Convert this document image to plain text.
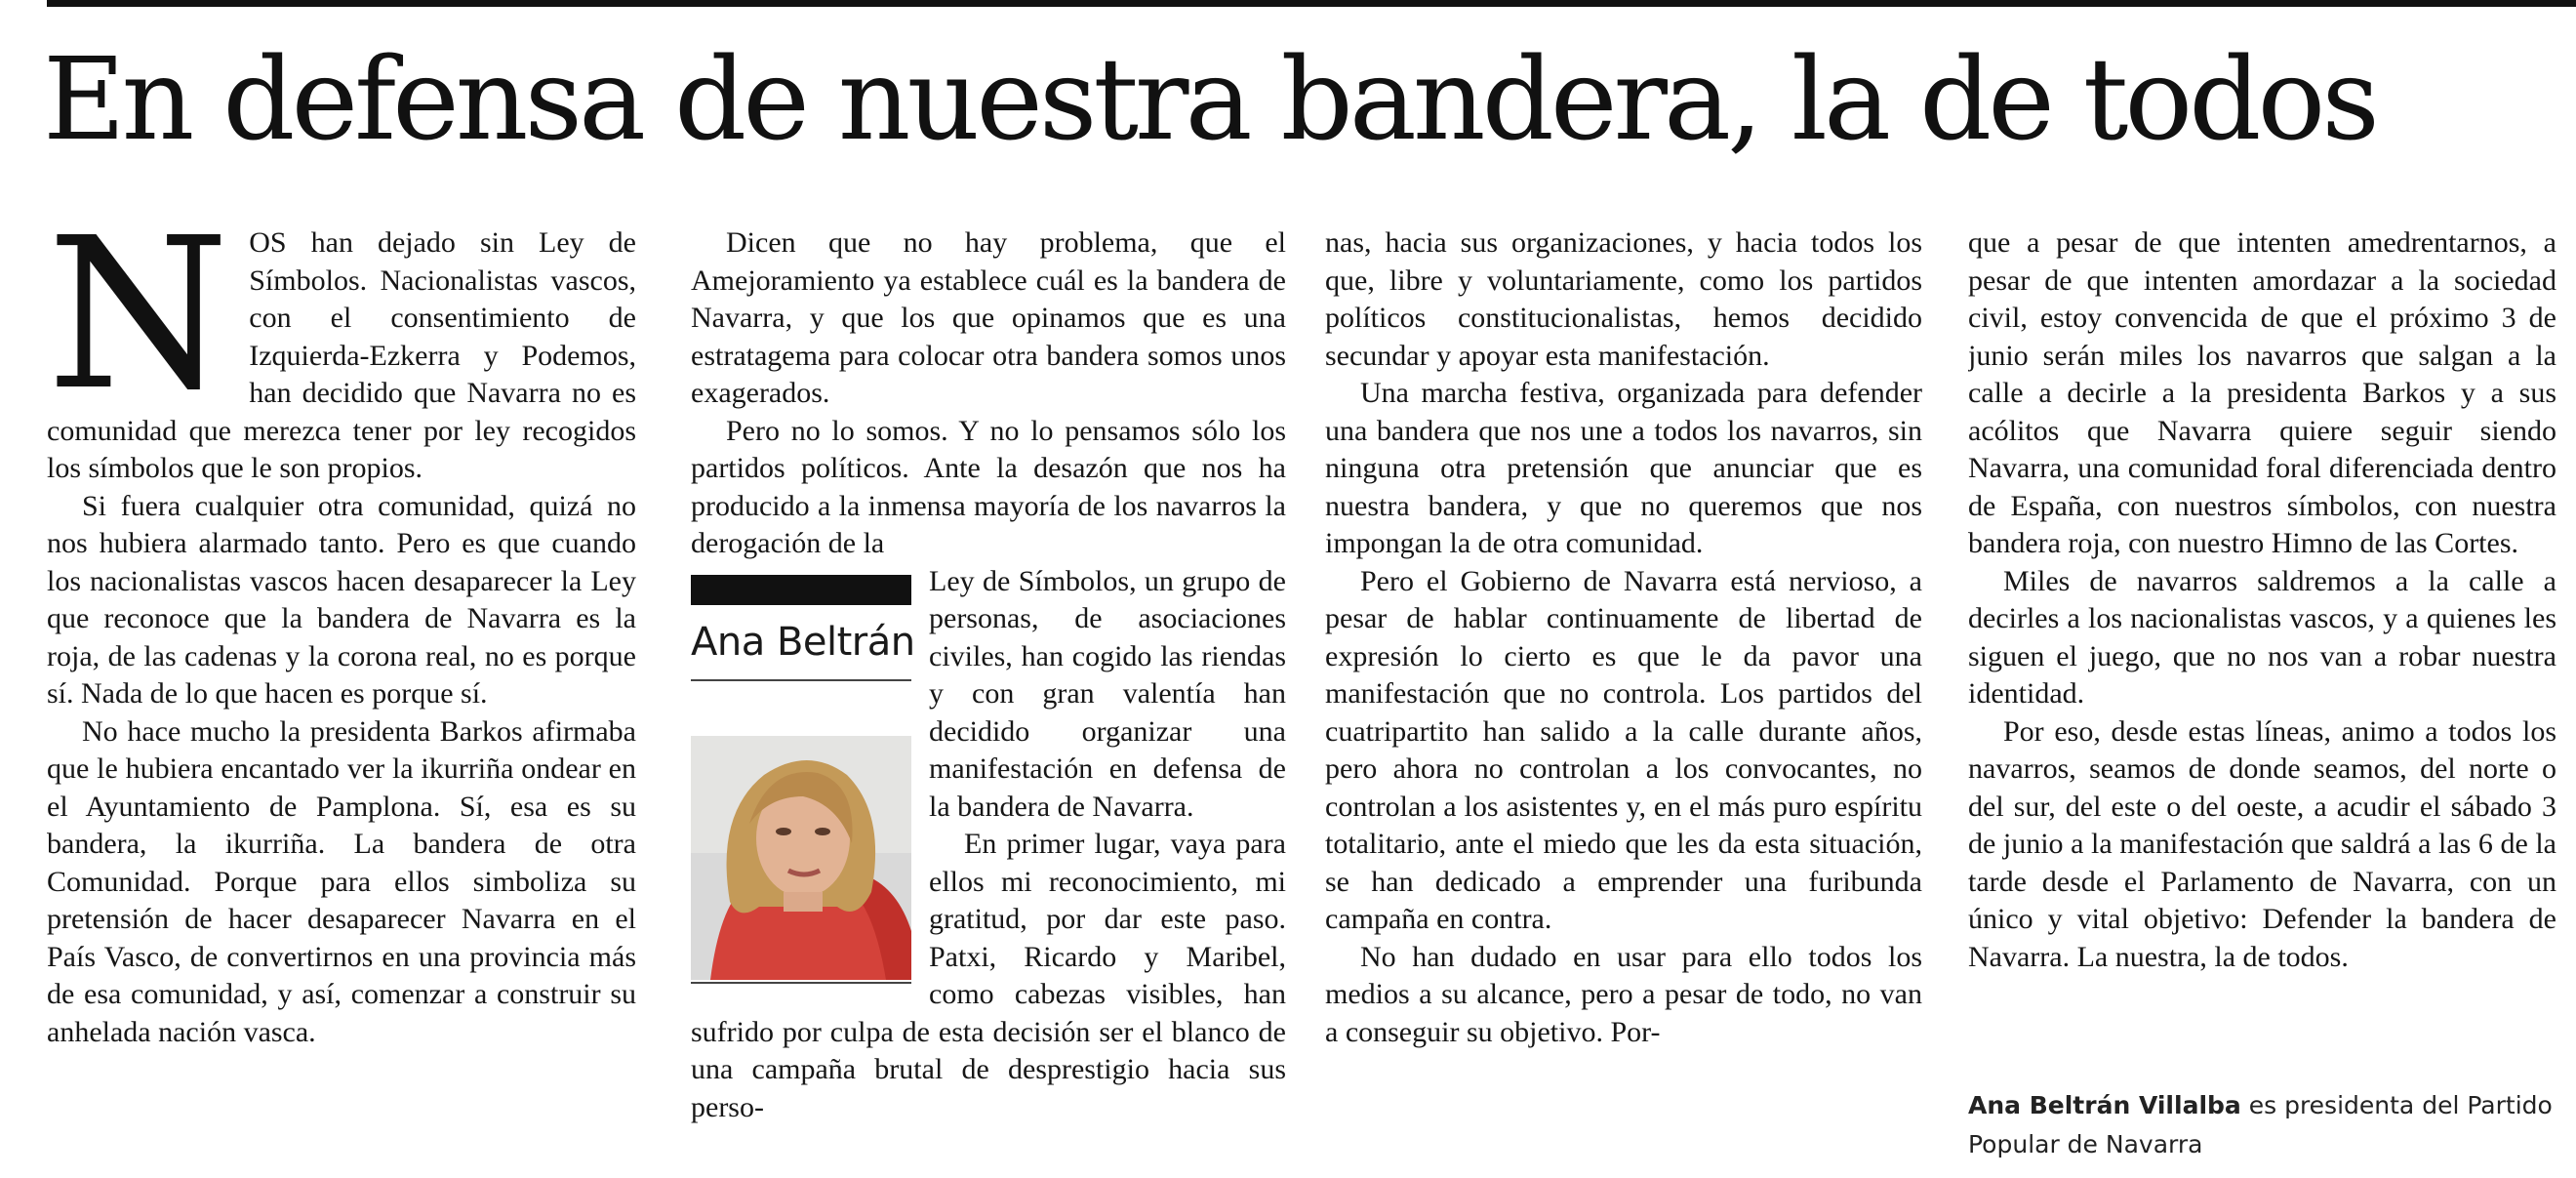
En defensa de nuestra bandera, la de todos
N OS han dejado sin Ley de Símbolos. Nacionalistas vascos, con el consentimiento de Izquierda-Ezkerra y Podemos, han decidido que Navarra no es comunidad que merezca tener por ley recogidos los símbolos que le son propios.

Si fuera cualquier otra comunidad, quizá no nos hubiera alarmado tanto. Pero es que cuando los nacionalistas vascos hacen desaparecer la Ley que reconoce que la bandera de Navarra es la roja, de las cadenas y la corona real, no es porque sí. Nada de lo que hacen es porque sí.

No hace mucho la presidenta Barkos afirmaba que le hubiera encantado ver la ikurriña ondear en el Ayuntamiento de Pamplona. Sí, esa es su bandera, la ikurriña. La bandera de otra Comunidad. Porque para ellos simboliza su pretensión de hacer desaparecer Navarra en el País Vasco, de convertirnos en una provincia más de esa comunidad, y así, comenzar a construir su anhelada nación vasca.

Dicen que no hay problema, que el Amejoramiento ya establece cuál es la bandera de Navarra, y que los que opinamos que es una estratagema para colocar otra bandera somos unos exagerados.

Pero no lo somos. Y no lo pensamos sólo los partidos políticos. Ante la desazón que nos ha producido a la inmensa mayoría de los navarros la derogación de la

Ana Beltrán

Ley de Símbolos, un grupo de personas, de asociaciones civiles, han cogido las riendas y con gran valentía han decidido organizar una manifestación en defensa de la bandera de Navarra.

En primer lugar, vaya para ellos mi reconocimiento, mi gratitud, por dar este paso. Patxi, Ricardo y Maribel, como cabezas visibles, han sufrido por culpa de esta decisión ser el blanco de una campaña brutal de desprestigio hacia sus perso-

nas, hacia sus organizaciones, y hacia todos los que, libre y voluntariamente, como los partidos políticos constitucionalistas, hemos decidido secundar y apoyar esta manifestación.

Una marcha festiva, organizada para defender una bandera que nos une a todos los navarros, sin ninguna otra pretensión que anunciar que es nuestra bandera, y que no queremos que nos impongan la de otra comunidad.

Pero el Gobierno de Navarra está nervioso, a pesar de hablar continuamente de libertad de expresión lo cierto es que le da pavor una manifestación que no controla. Los partidos del cuatripartito han salido a la calle durante años, pero ahora no controlan a los convocantes, no controlan a los asistentes y, en el más puro espíritu totalitario, ante el miedo que les da esta situación, se han dedicado a emprender una furibunda campaña en contra.

No han dudado en usar para ello todos los medios a su alcance, pero a pesar de todo, no van a conseguir su objetivo. Por-

que a pesar de que intenten amedrentarnos, a pesar de que intenten amordazar a la sociedad civil, estoy convencida de que el próximo 3 de junio serán miles los navarros que salgan a la calle a decirle a la presidenta Barkos y a sus acólitos que Navarra quiere seguir siendo Navarra, una comunidad foral diferenciada dentro de España, con nuestros símbolos, con nuestra bandera roja, con nuestro Himno de las Cortes.

Miles de navarros saldremos a la calle a decirles a los nacionalistas vascos, y a quienes les siguen el juego, que no nos van a robar nuestra identidad.

Por eso, desde estas líneas, animo a todos los navarros, seamos de donde seamos, del norte o del sur, del este o del oeste, a acudir el sábado 3 de junio a la manifestación que saldrá a las 6 de la tarde desde el Parlamento de Navarra, con un único y vital objetivo: Defender la bandera de Navarra. La nuestra, la de todos.

Ana Beltrán Villalba es presidenta del Partido Popular de Navarra
